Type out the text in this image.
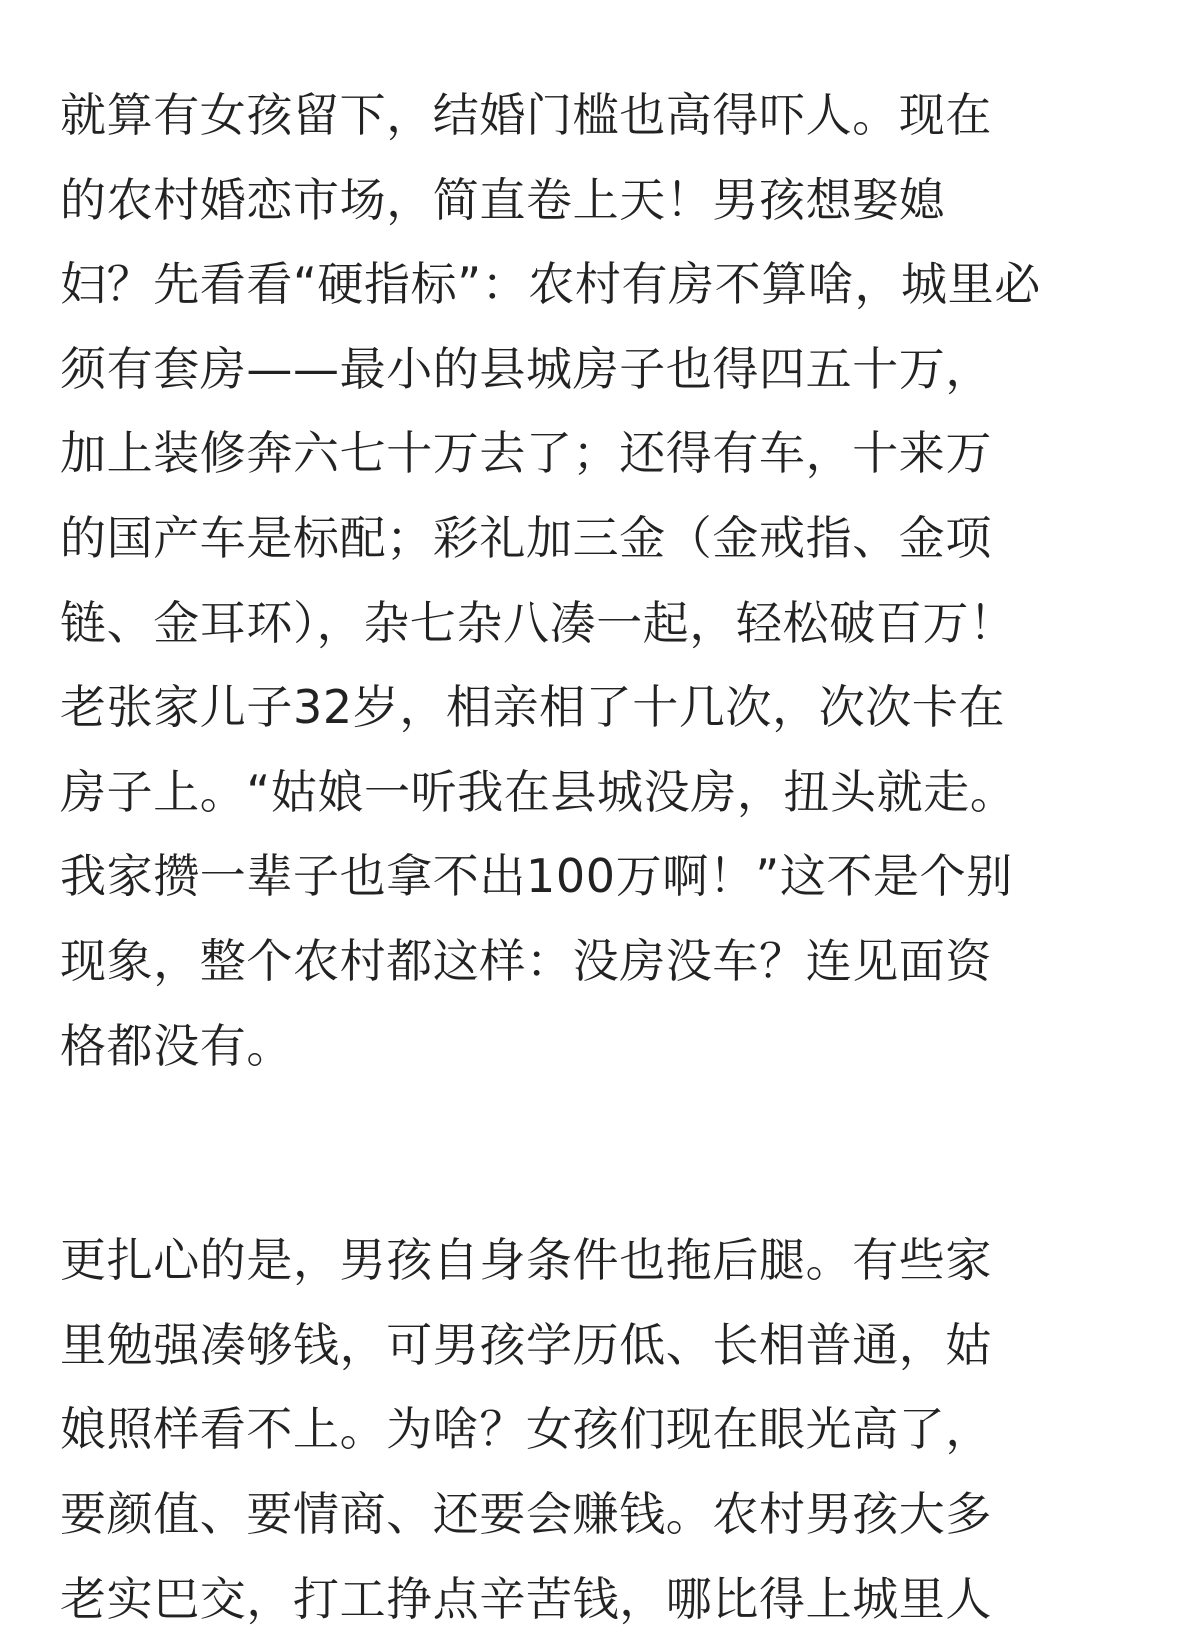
就算有女孩留下，结婚门槛也高得吓人。现在
的农村婚恋市场，简直卷上天！男孩想娶媳
妇？先看看“硬指标”：农村有房不算啥，城里必
须有套房——最小的县城房子也得四五十万，
加上装修奔六七十万去了；还得有车，十来万
的国产车是标配；彩礼加三金（金戒指、金项
链、金耳环），杂七杂八凑一起，轻松破百万！
老张家儿子32岁，相亲相了十几次，次次卡在
房子上。“姑娘一听我在县城没房，扭头就走。
我家攒一辈子也拿不出100万啊！”这不是个别
现象，整个农村都这样：没房没车？连见面资
格都没有。
更扎心的是，男孩自身条件也拖后腿。有些家
里勉强凑够钱，可男孩学历低、长相普通，姑
娘照样看不上。为啥？女孩们现在眼光高了，
要颜值、要情商、还要会赚钱。农村男孩大多
老实巴交，打工挣点辛苦钱，哪比得上城里人
